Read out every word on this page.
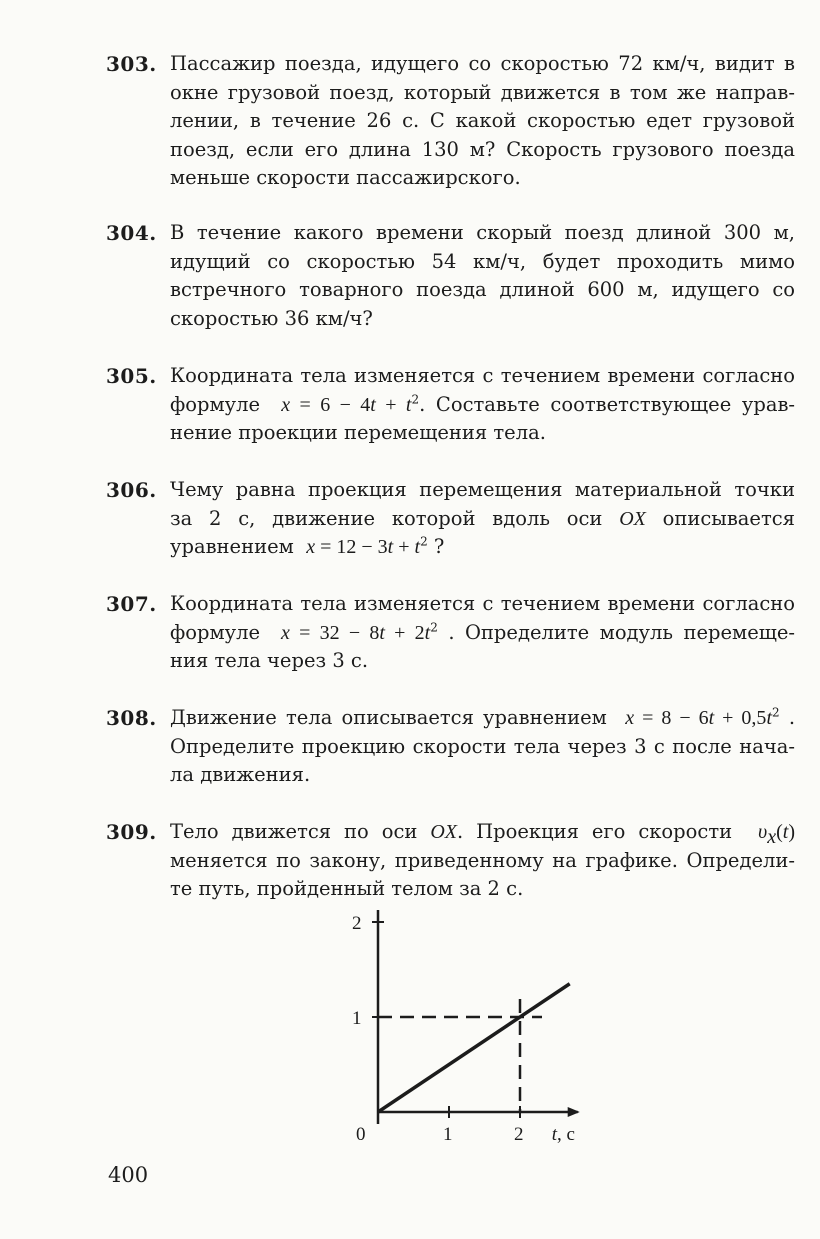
303. Пассажир поезда, идущего со скоростью 72 км/ч, видит в
окне грузовой поезд, который движется в том же направ-
лении, в течение 26 с. С какой скоростью едет грузовой
поезд, если его длина 130 м? Скорость грузового поезда
меньше скорости пассажирского.
304. В течение какого времени скорый поезд длиной 300 м,
идущий со скоростью 54 км/ч, будет проходить мимо
встречного товарного поезда длиной 600 м, идущего со
скоростью 36 км/ч?
305. Координата тела изменяется с течением времени согласно
формуле $x = 6 - 4t + t^2$. Составьте соответствующее урав-
нение проекции перемещения тела.
306. Чему равна проекция перемещения материальной точки
за 2 с, движение которой вдоль оси OX описывается
уравнением $x = 12 - 3t + t^2$ ?
307. Координата тела изменяется с течением времени согласно
формуле $x = 32 - 8t + 2t^2$ . Определите модуль перемеще-
ния тела через 3 с.
308. Движение тела описывается уравнением $x = 8 - 6t + 0,5t^2$ .
Определите проекцию скорости тела через 3 с после нача-
ла движения.
309. Тело движется по оси OX. Проекция его скорости $\upsilon_x(t)$
меняется по закону, приведенному на графике. Определи-
те путь, пройденный телом за 2 с.
1	2
1
2
t, с
0
400
